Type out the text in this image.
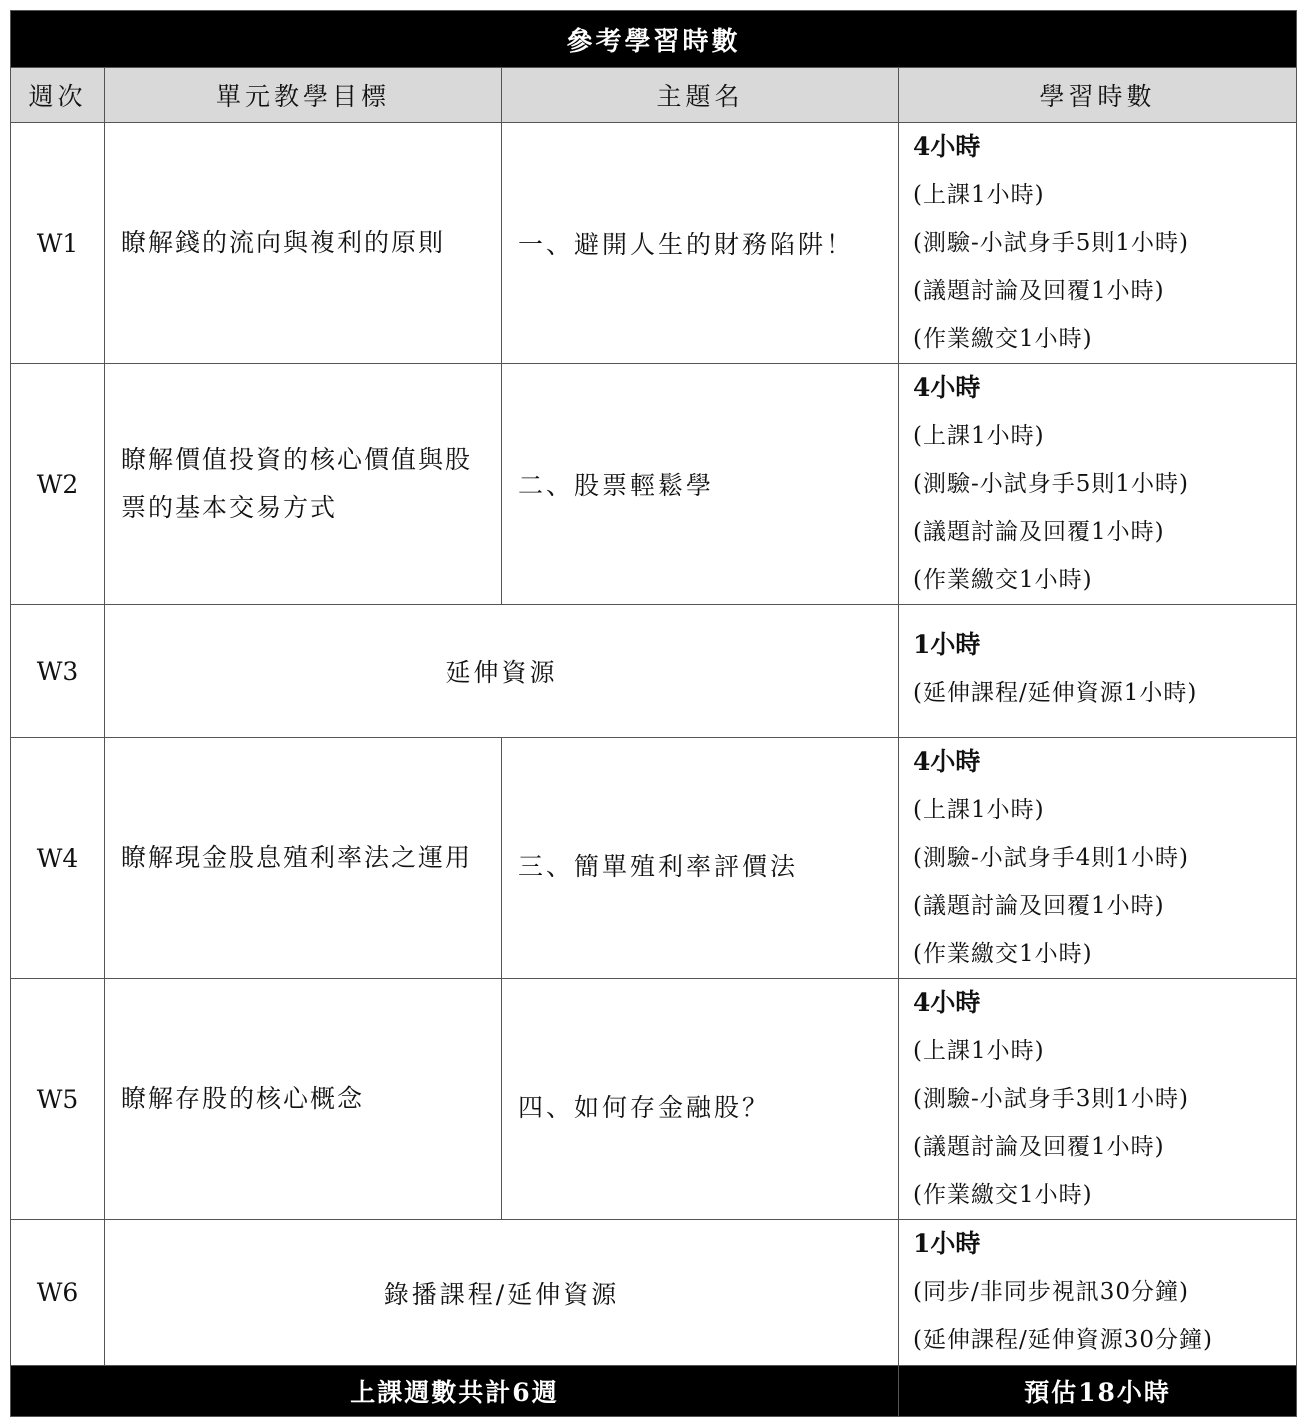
參考學習時數			
週次	單元教學目標	主題名	學習時數
W1	瞭解錢的流向與複利的原則	一、避開人生的財務陷阱！	4小時
(上課1小時)
(測驗-小試身手5則1小時)
(議題討論及回覆1小時)
(作業繳交1小時)

W2	瞭解價值投資的核心價值與股票的基本交易方式	二、股票輕鬆學	4小時
(上課1小時)
(測驗-小試身手5則1小時)
(議題討論及回覆1小時)
(作業繳交1小時)

W3	延伸資源		1小時
(延伸課程/延伸資源1小時)

W4	瞭解現金股息殖利率法之運用	三、簡單殖利率評價法	4小時
(上課1小時)
(測驗-小試身手4則1小時)
(議題討論及回覆1小時)
(作業繳交1小時)

W5	瞭解存股的核心概念	四、如何存金融股？	4小時
(上課1小時)
(測驗-小試身手3則1小時)
(議題討論及回覆1小時)
(作業繳交1小時)

W6	錄播課程/延伸資源		1小時
(同步/非同步視訊30分鐘)
(延伸課程/延伸資源30分鐘)

上課週數共計6週			預估18小時
